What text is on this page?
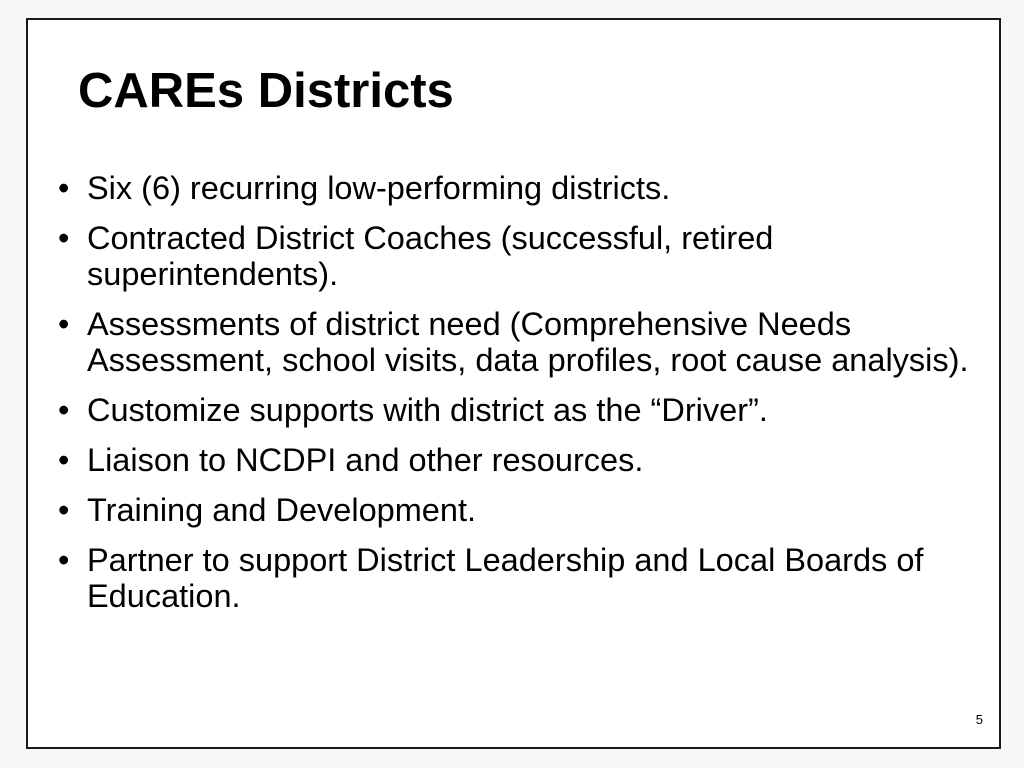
CAREs Districts
• Six (6) recurring low-performing districts.
• Contracted District Coaches (successful, retired superintendents).
• Assessments of district need (Comprehensive Needs Assessment, school visits, data profiles, root cause analysis).
• Customize supports with district as the “Driver”.
• Liaison to NCDPI and other resources.
• Training and Development.
• Partner to support District Leadership and Local Boards of Education.
5
